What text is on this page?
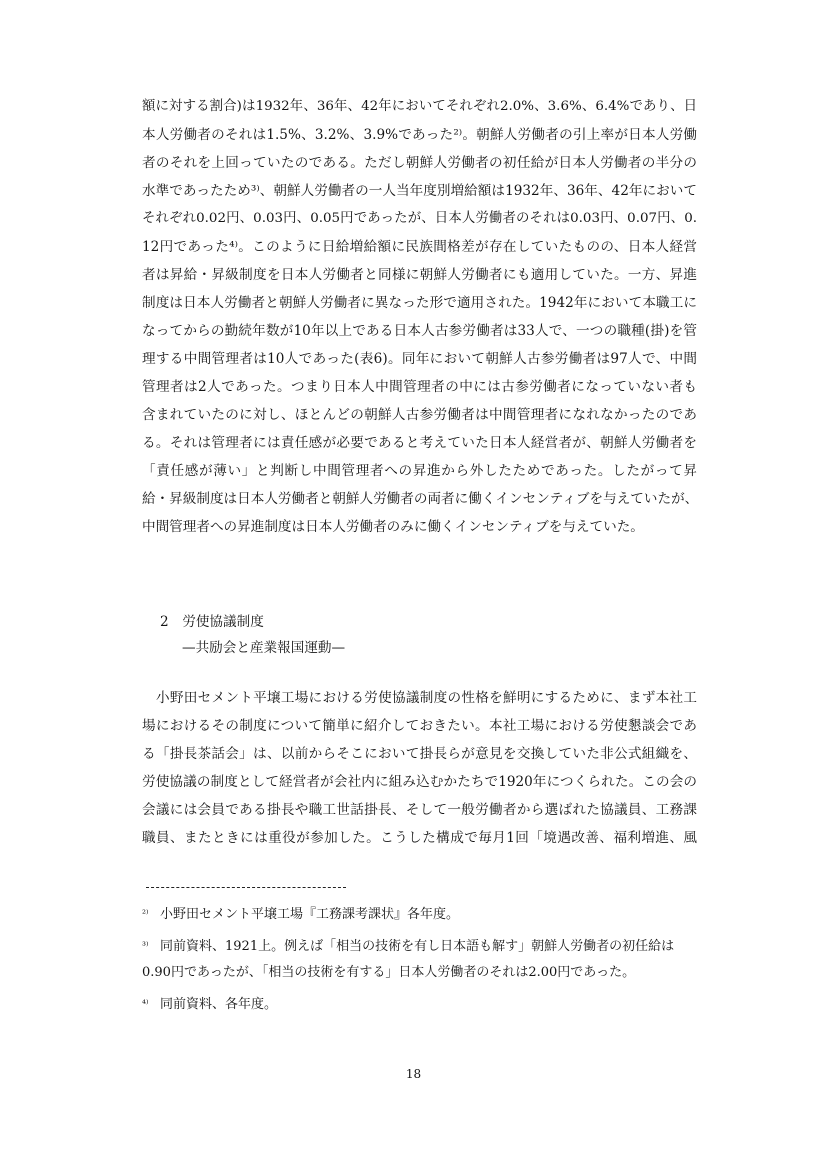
額に対する割合)は1932年、36年、42年においてそれぞれ2.0%、3.6%、6.4%であり、日
本人労働者のそれは1.5%、3.2%、3.9%であった²⁾。朝鮮人労働者の引上率が日本人労働
者のそれを上回っていたのである。ただし朝鮮人労働者の初任給が日本人労働者の半分の
水準であったため³⁾、朝鮮人労働者の一人当年度別増給額は1932年、36年、42年において
それぞれ0.02円、0.03円、0.05円であったが、日本人労働者のそれは0.03円、0.07円、0.
12円であった⁴⁾。このように日給増給額に民族間格差が存在していたものの、日本人経営
者は昇給・昇級制度を日本人労働者と同様に朝鮮人労働者にも適用していた。一方、昇進
制度は日本人労働者と朝鮮人労働者に異なった形で適用された。1942年において本職工に
なってからの勤続年数が10年以上である日本人古参労働者は33人で、一つの職種(掛)を管
理する中間管理者は10人であった(表6)。同年において朝鮮人古参労働者は97人で、中間
管理者は2人であった。つまり日本人中間管理者の中には古参労働者になっていない者も
含まれていたのに対し、ほとんどの朝鮮人古参労働者は中間管理者になれなかったのであ
る。それは管理者には責任感が必要であると考えていた日本人経営者が、朝鮮人労働者を
「責任感が薄い」と判断し中間管理者への昇進から外したためであった。したがって昇
給・昇級制度は日本人労働者と朝鮮人労働者の両者に働くインセンティブを与えていたが、
中間管理者への昇進制度は日本人労働者のみに働くインセンティブを与えていた。
2　労使協議制度
—共励会と産業報国運動—
小野田セメント平壌工場における労使協議制度の性格を鮮明にするために、まず本社工
場におけるその制度について簡単に紹介しておきたい。本社工場における労使懇談会であ
る「掛長茶話会」は、以前からそこにおいて掛長らが意見を交換していた非公式組織を、
労使協議の制度として経営者が会社内に組み込むかたちで1920年につくられた。この会の
会議には会員である掛長や職工世話掛長、そして一般労働者から選ばれた協議員、工務課
職員、またときには重役が参加した。こうした構成で毎月1回「境遇改善、福利増進、風
²⁾ 小野田セメント平壌工場『工務課考課状』各年度。
³⁾ 同前資料、1921上。例えば「相当の技術を有し日本語も解す」朝鮮人労働者の初任給は
0.90円であったが、「相当の技術を有する」日本人労働者のそれは2.00円であった。
⁴⁾ 同前資料、各年度。
18
